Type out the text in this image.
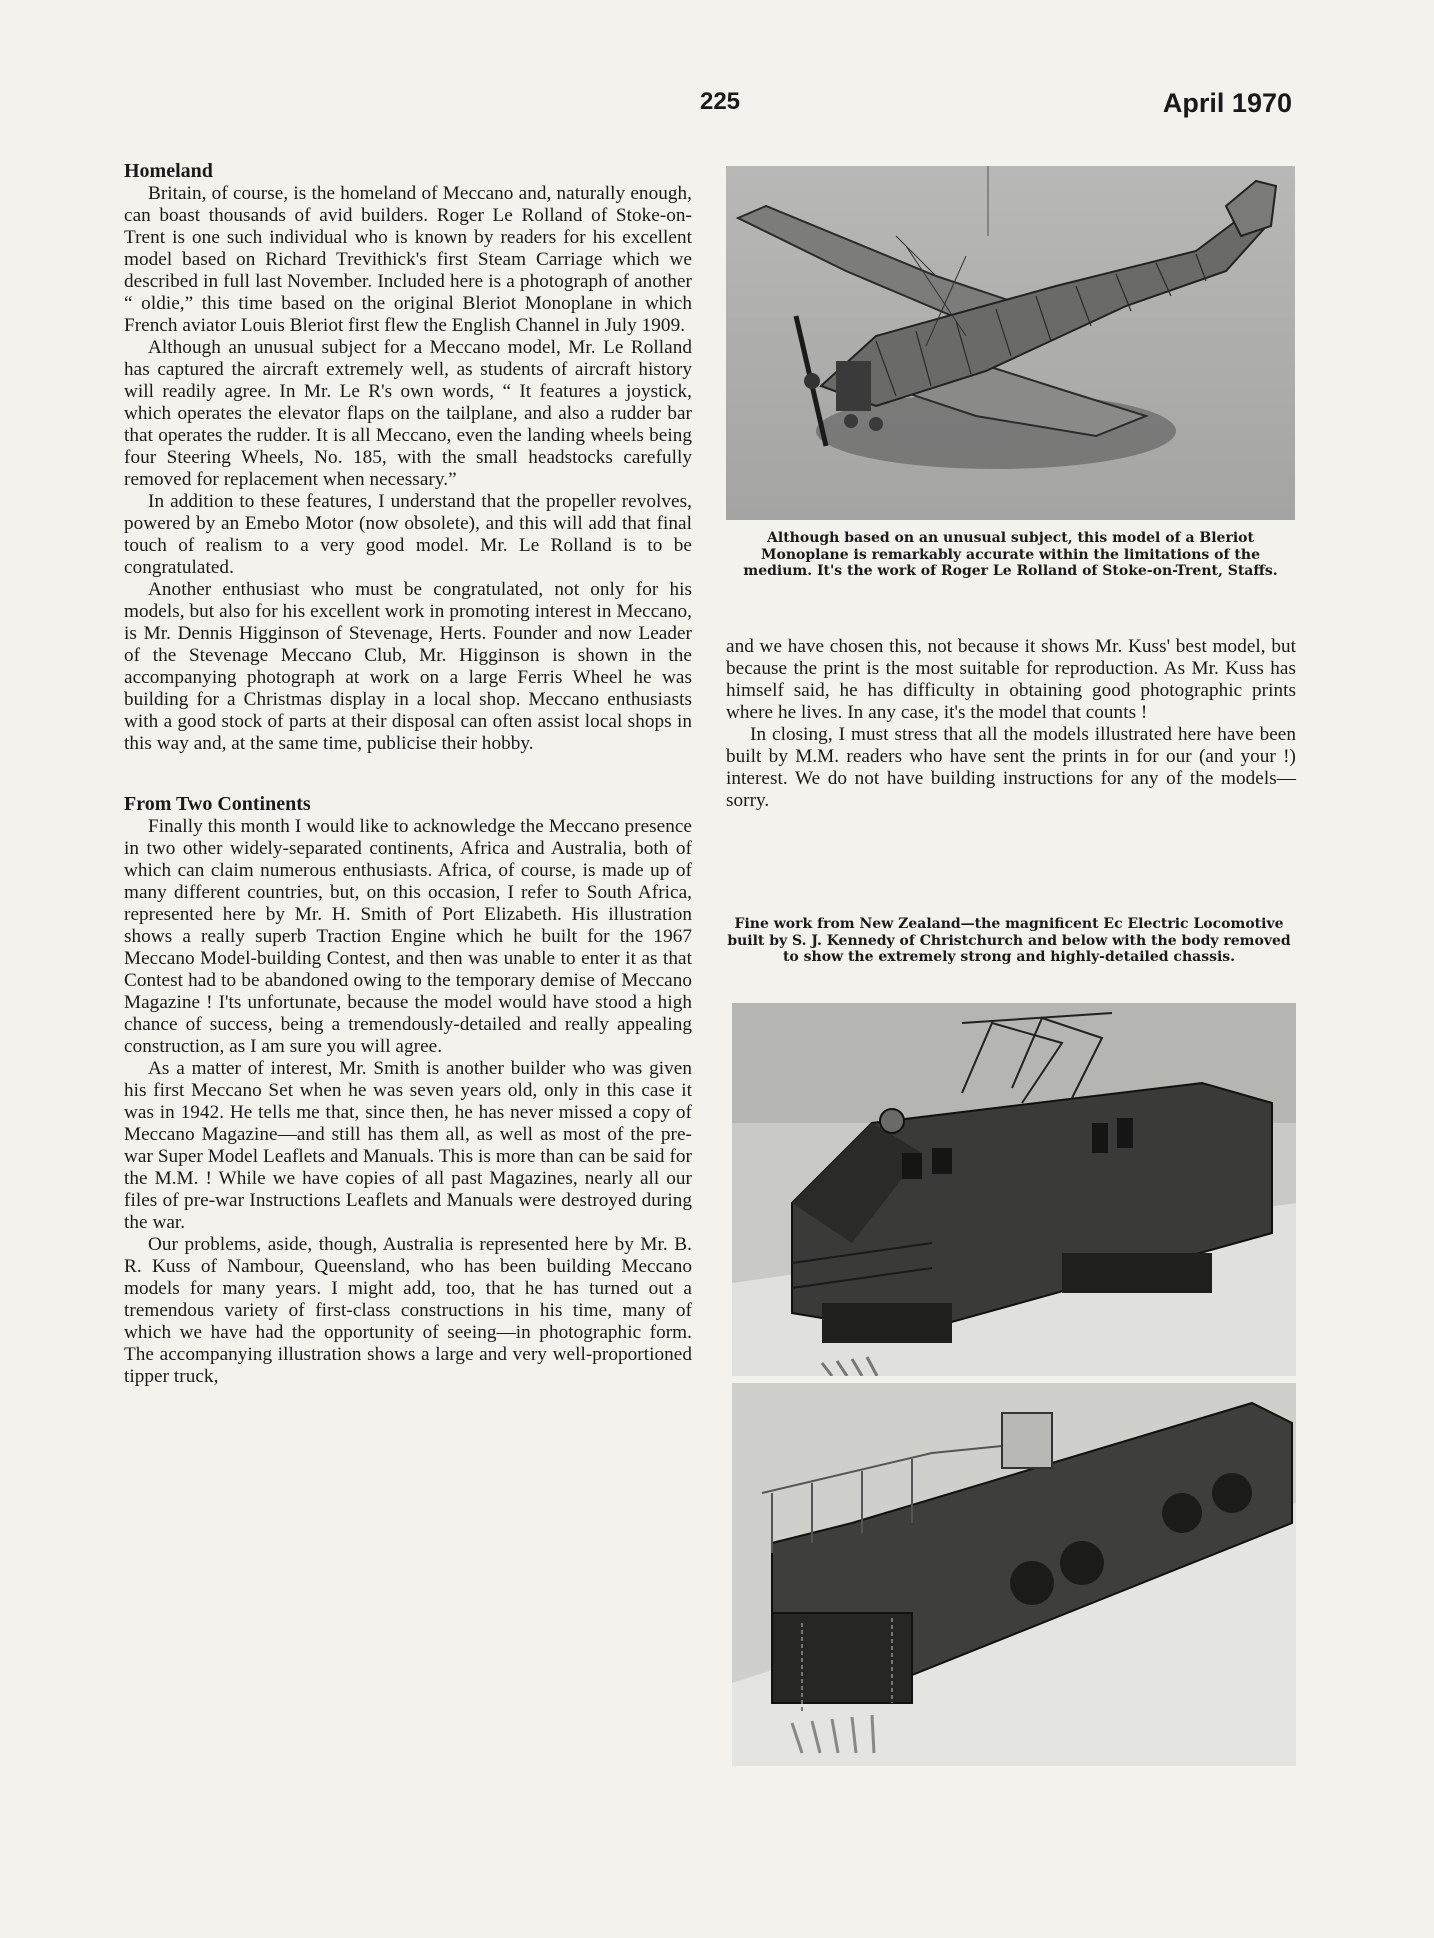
225	April 1970
Homeland

Britain, of course, is the homeland of Meccano and, naturally enough, can boast thousands of avid builders. Roger Le Rolland of Stoke-on-Trent is one such individual who is known by readers for his excellent model based on Richard Trevithick's first Steam Carriage which we described in full last November. Included here is a photograph of another “ oldie,” this time based on the original Bleriot Monoplane in which French aviator Louis Bleriot first flew the English Channel in July 1909.

Although an unusual subject for a Meccano model, Mr. Le Rolland has captured the aircraft extremely well, as students of aircraft history will readily agree. In Mr. Le R's own words, “ It features a joystick, which operates the elevator flaps on the tailplane, and also a rudder bar that operates the rudder. It is all Meccano, even the landing wheels being four Steering Wheels, No. 185, with the small headstocks carefully removed for replacement when necessary.”

In addition to these features, I understand that the propeller revolves, powered by an Emebo Motor (now obsolete), and this will add that final touch of realism to a very good model. Mr. Le Rolland is to be congratulated.

Another enthusiast who must be congratulated, not only for his models, but also for his excellent work in promoting interest in Meccano, is Mr. Dennis Higginson of Stevenage, Herts. Founder and now Leader of the Stevenage Meccano Club, Mr. Higginson is shown in the accompanying photograph at work on a large Ferris Wheel he was building for a Christmas display in a local shop. Meccano enthusiasts with a good stock of parts at their disposal can often assist local shops in this way and, at the same time, publicise their hobby.

From Two Continents

Finally this month I would like to acknowledge the Meccano presence in two other widely-separated continents, Africa and Australia, both of which can claim numerous enthusiasts. Africa, of course, is made up of many different countries, but, on this occasion, I refer to South Africa, represented here by Mr. H. Smith of Port Elizabeth. His illustration shows a really superb Traction Engine which he built for the 1967 Meccano Model-building Contest, and then was unable to enter it as that Contest had to be abandoned owing to the temporary demise of Meccano Magazine ! I'ts unfortunate, because the model would have stood a high chance of success, being a tremendously-detailed and really appealing construction, as I am sure you will agree.

As a matter of interest, Mr. Smith is another builder who was given his first Meccano Set when he was seven years old, only in this case it was in 1942. He tells me that, since then, he has never missed a copy of Meccano Magazine—and still has them all, as well as most of the pre-war Super Model Leaflets and Manuals. This is more than can be said for the M.M. ! While we have copies of all past Magazines, nearly all our files of pre-war Instructions Leaflets and Manuals were destroyed during the war.

Our problems, aside, though, Australia is represented here by Mr. B. R. Kuss of Nambour, Queensland, who has been building Meccano models for many years. I might add, too, that he has turned out a tremendous variety of first-class constructions in his time, many of which we have had the opportunity of seeing—in photographic form. The accompanying illustration shows a large and very well-proportioned tipper truck,

Although based on an unusual subject, this model of a Bleriot Monoplane is remarkably accurate within the limitations of the medium. It's the work of Roger Le Rolland of Stoke-on-Trent, Staffs.

and we have chosen this, not because it shows Mr. Kuss' best model, but because the print is the most suitable for reproduction. As Mr. Kuss has himself said, he has difficulty in obtaining good photographic prints where he lives. In any case, it's the model that counts !

In closing, I must stress that all the models illustrated here have been built by M.M. readers who have sent the prints in for our (and your !) interest. We do not have building instructions for any of the models—sorry.

Fine work from New Zealand—the magnificent Ec Electric Locomotive built by S. J. Kennedy of Christchurch and below with the body removed to show the extremely strong and highly-detailed chassis.
